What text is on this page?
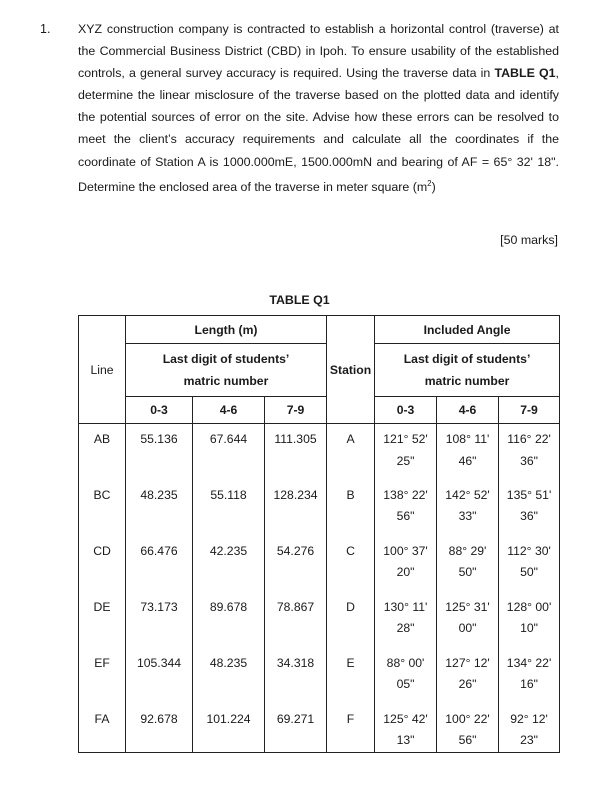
1. XYZ construction company is contracted to establish a horizontal control (traverse) at the Commercial Business District (CBD) in Ipoh. To ensure usability of the established controls, a general survey accuracy is required. Using the traverse data in TABLE Q1, determine the linear misclosure of the traverse based on the plotted data and identify the potential sources of error on the site. Advise how these errors can be resolved to meet the client’s accuracy requirements and calculate all the coordinates if the coordinate of Station A is 1000.000mE, 1500.000mN and bearing of AF = 65° 32' 18". Determine the enclosed area of the traverse in meter square $(m^2)$

[50 marks]
TABLE Q1
Line	Length (m)			Station	Included Angle		
	Last digit of students’ matric number				Last digit of students’ matric number		
	0-3	4-6	7-9		0-3	4-6	7-9
AB	55.136	67.644	111.305	A	121° 52' 25"	108° 11' 46"	116° 22' 36"

BC	48.235	55.118	128.234	B	138° 22' 56"	142° 52' 33"	135° 51' 36"

CD	66.476	42.235	54.276	C	100° 37' 20"	88° 29' 50"	112° 30' 50"

DE	73.173	89.678	78.867	D	130° 11' 28"	125° 31' 00"	128° 00' 10"

EF	105.344	48.235	34.318	E	88° 00' 05"	127° 12' 26"	134° 22' 16"

FA	92.678	101.224	69.271	F	125° 42' 13"	100° 22' 56"	92° 12' 23"
